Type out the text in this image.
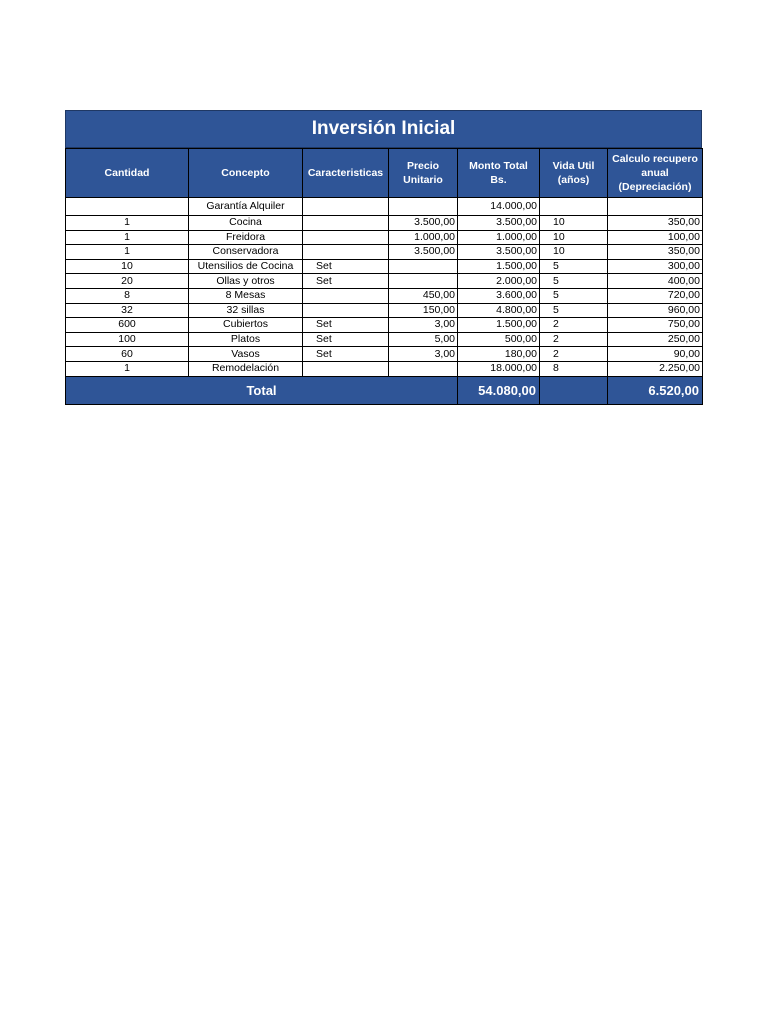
Inversión Inicial
Cantidad	Concepto	Caracteristicas	Precio Unitario	Monto Total Bs.	Vida Util (años)	Calculo recupero anual (Depreciación)
	Garantía Alquiler			14.000,00		
1	Cocina		3.500,00	3.500,00	10	350,00
1	Freidora		1.000,00	1.000,00	10	100,00
1	Conservadora		3.500,00	3.500,00	10	350,00
10	Utensilios de Cocina	Set		1.500,00	5	300,00
20	Ollas y otros	Set		2.000,00	5	400,00
8	8 Mesas		450,00	3.600,00	5	720,00
32	32 sillas		150,00	4.800,00	5	960,00
600	Cubiertos	Set	3,00	1.500,00	2	750,00
100	Platos	Set	5,00	500,00	2	250,00
60	Vasos	Set	3,00	180,00	2	90,00
1	Remodelación			18.000,00	8	2.250,00
Total				54.080,00		6.520,00
